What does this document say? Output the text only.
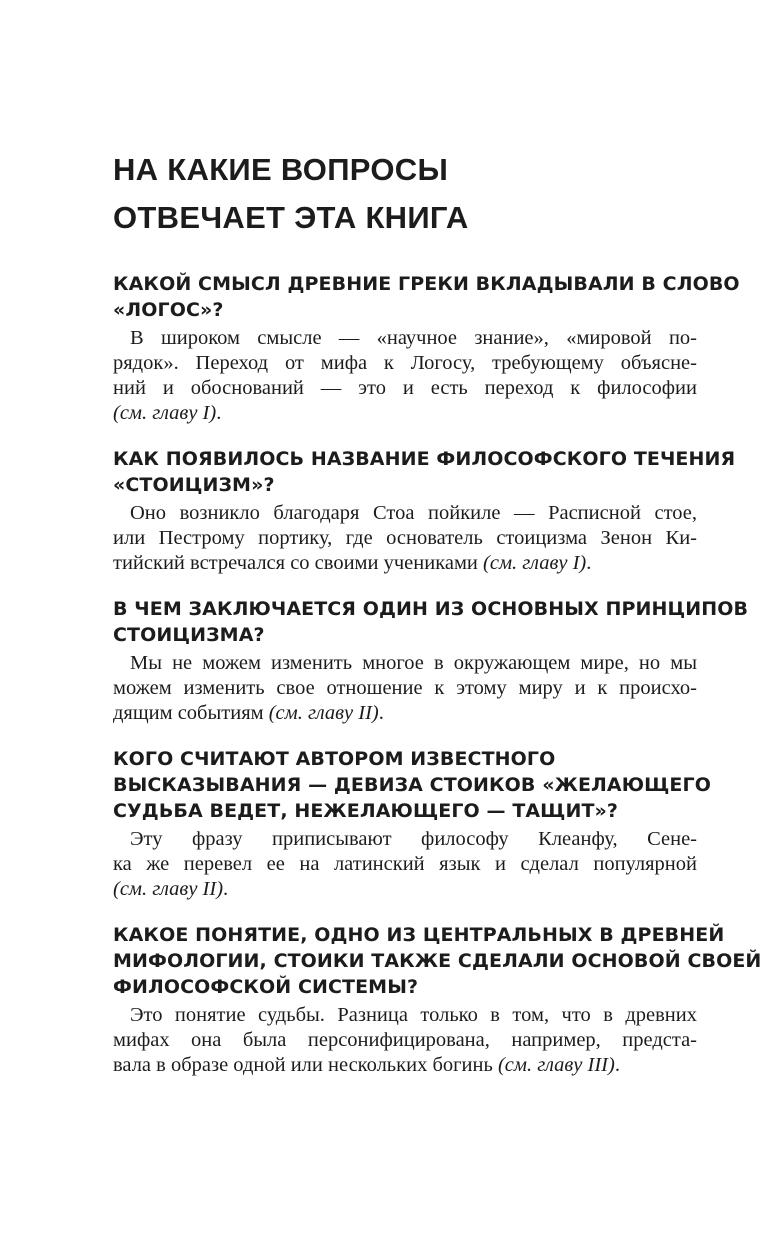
НА КАКИЕ ВОПРОСЫ
ОТВЕЧАЕТ ЭТА КНИГА
КАКОЙ СМЫСЛ ДРЕВНИЕ ГРЕКИ ВКЛАДЫВАЛИ В СЛОВО
«ЛОГОС»?

В широком смысле — «научное знание», «мировой по-
рядок». Переход от мифа к Логосу, требующему объясне-
ний и обоснований — это и есть переход к философии
(см. главу I).

КАК ПОЯВИЛОСЬ НАЗВАНИЕ ФИЛОСОФСКОГО ТЕЧЕНИЯ
«СТОИЦИЗМ»?

Оно возникло благодаря Стоа пойкиле — Расписной стое,
или Пестрому портику, где основатель стоицизма Зенон Ки-
тийский встречался со своими учениками (см. главу I).

В ЧЕМ ЗАКЛЮЧАЕТСЯ ОДИН ИЗ ОСНОВНЫХ ПРИНЦИПОВ
СТОИЦИЗМА?

Мы не можем изменить многое в окружающем мире, но мы
можем изменить свое отношение к этому миру и к происхо-
дящим событиям (см. главу II).

КОГО СЧИТАЮТ АВТОРОМ ИЗВЕСТНОГО
ВЫСКАЗЫВАНИЯ — ДЕВИЗА СТОИКОВ «ЖЕЛАЮЩЕГО
СУДЬБА ВЕДЕТ, НЕЖЕЛАЮЩЕГО — ТАЩИТ»?

Эту фразу приписывают философу Клеанфу, Сене-
ка же перевел ее на латинский язык и сделал популярной
(см. главу II).

КАКОЕ ПОНЯТИЕ, ОДНО ИЗ ЦЕНТРАЛЬНЫХ В ДРЕВНЕЙ
МИФОЛОГИИ, СТОИКИ ТАКЖЕ СДЕЛАЛИ ОСНОВОЙ СВОЕЙ
ФИЛОСОФСКОЙ СИСТЕМЫ?

Это понятие судьбы. Разница только в том, что в древних
мифах она была персонифицирована, например, предста-
вала в образе одной или нескольких богинь (см. главу III).
